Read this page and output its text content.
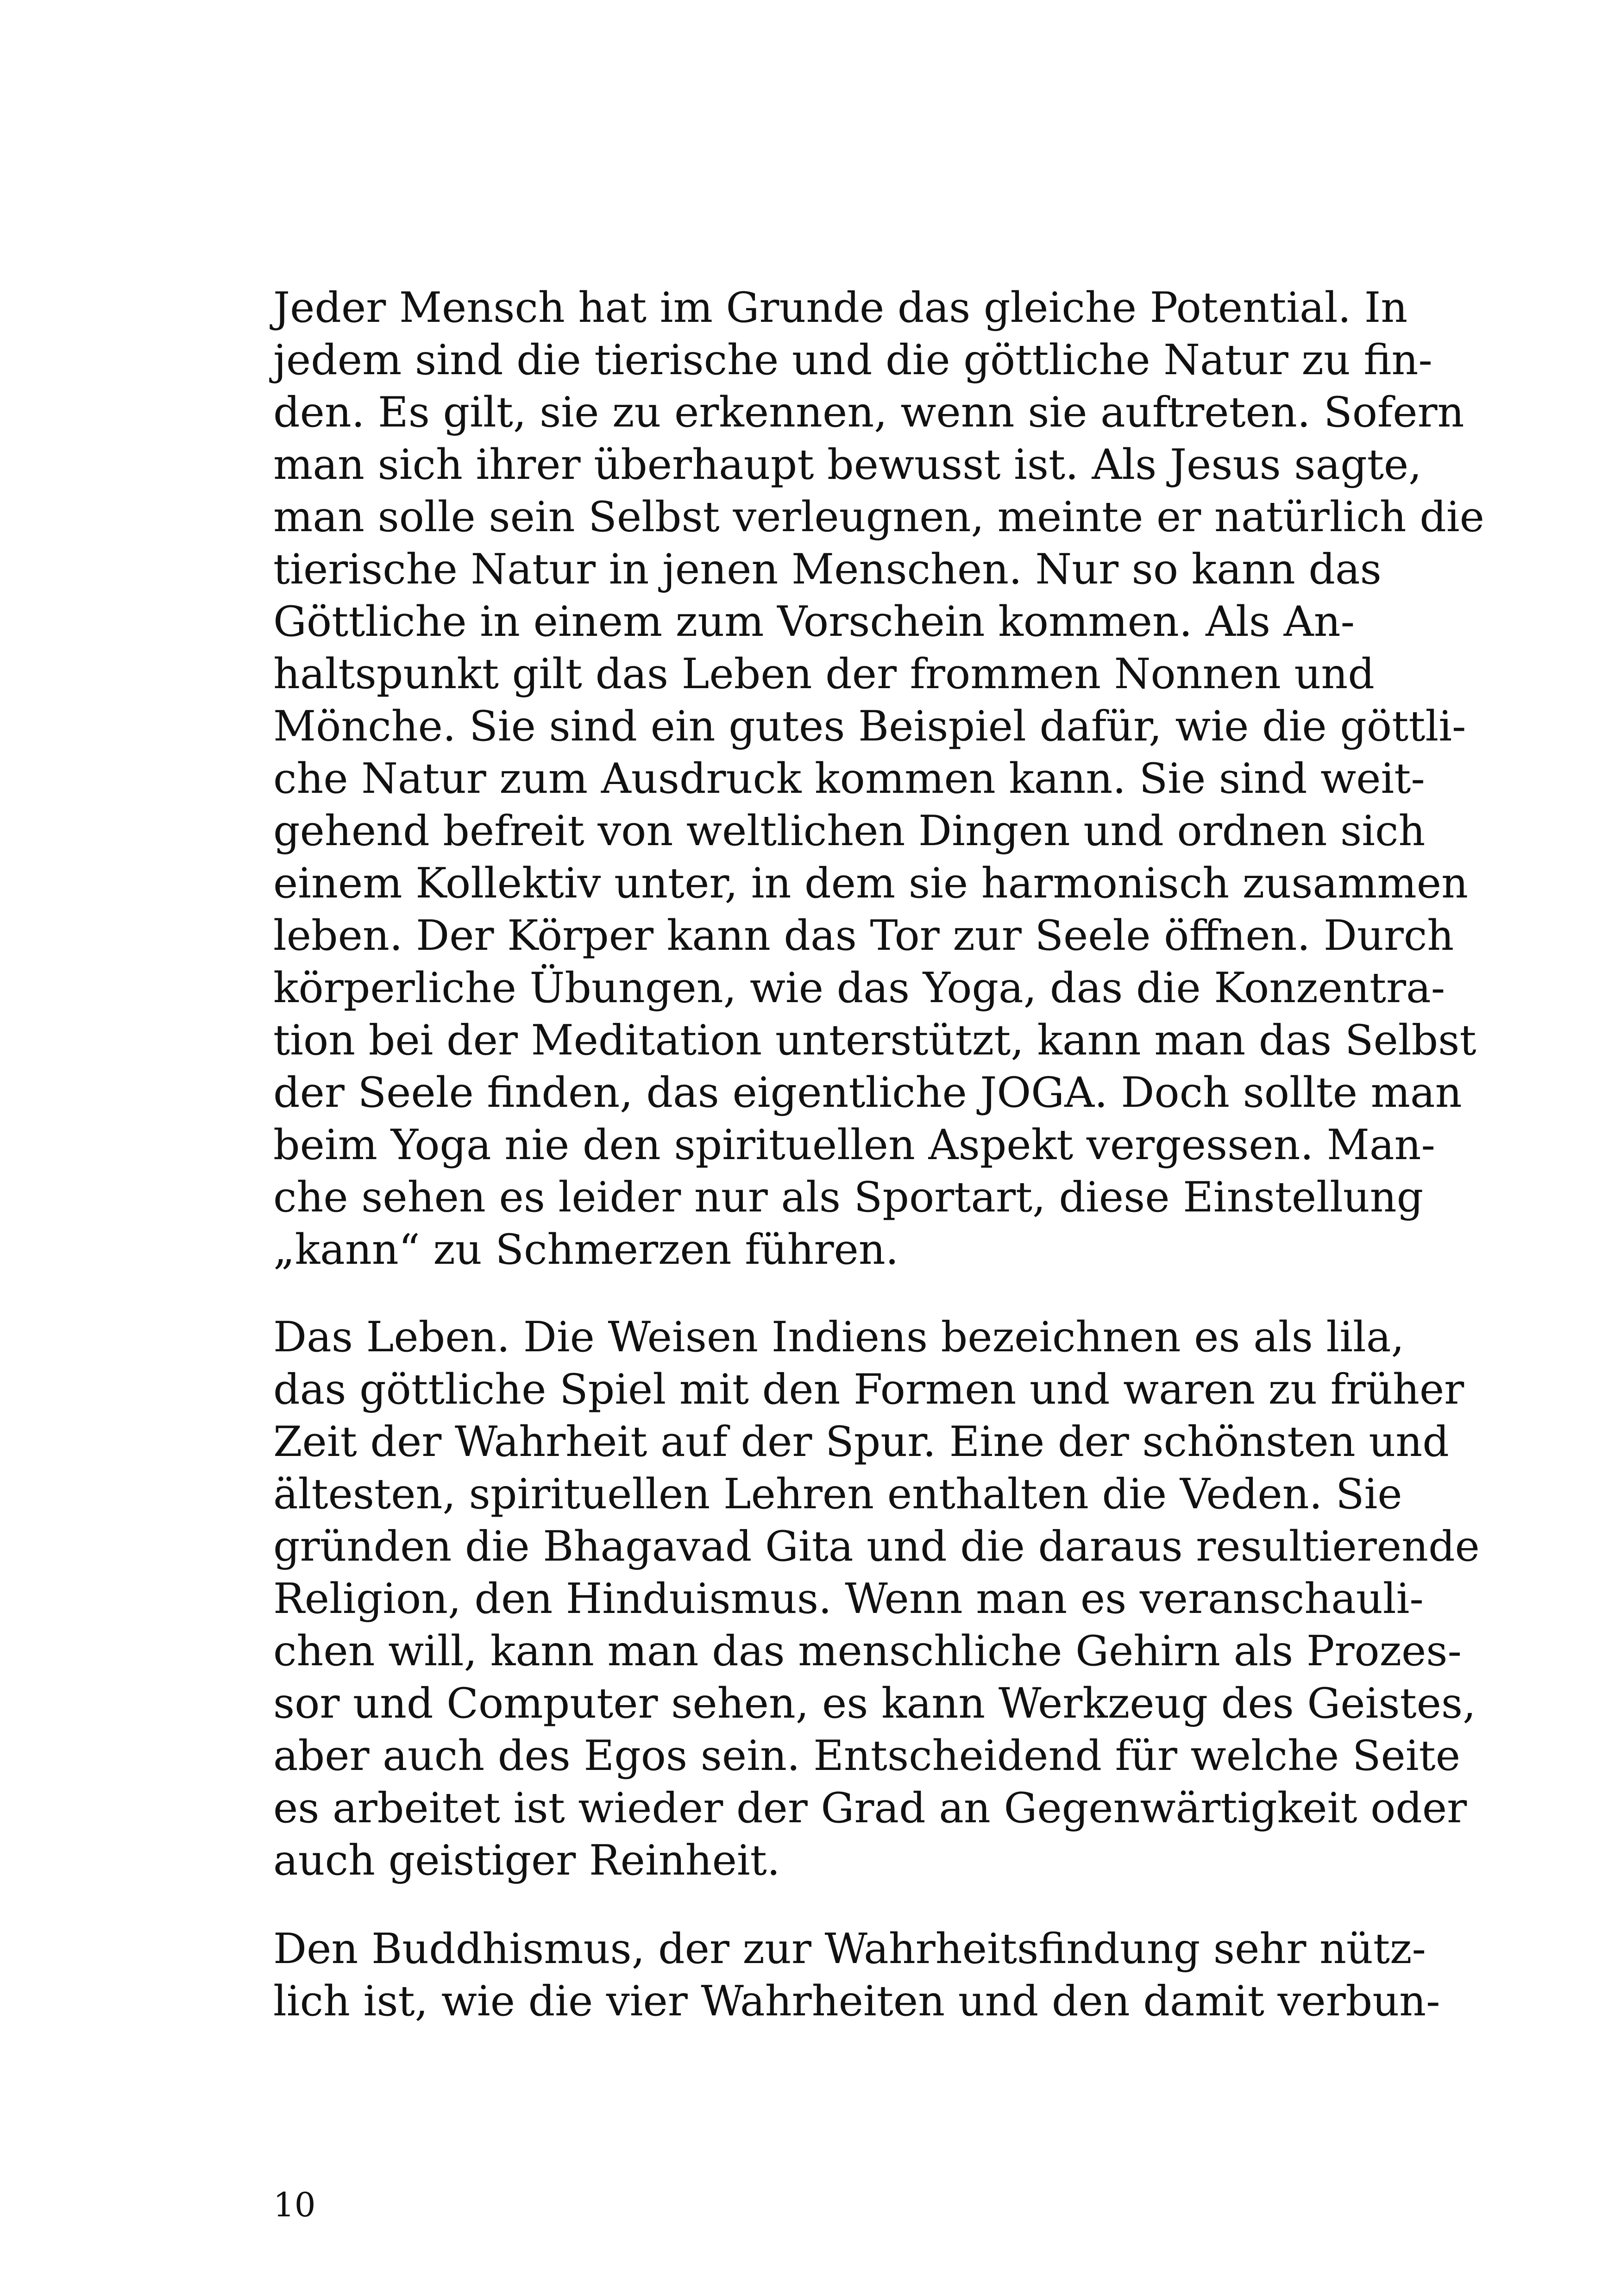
Jeder Mensch hat im Grunde das gleiche Potential. In
jedem sind die tierische und die göttliche Natur zu fin-
den. Es gilt, sie zu erkennen, wenn sie auftreten. Sofern
man sich ihrer überhaupt bewusst ist. Als Jesus sagte,
man solle sein Selbst verleugnen, meinte er natürlich die
tierische Natur in jenen Menschen. Nur so kann das
Göttliche in einem zum Vorschein kommen. Als An-
haltspunkt gilt das Leben der frommen Nonnen und
Mönche. Sie sind ein gutes Beispiel dafür, wie die göttli-
che Natur zum Ausdruck kommen kann. Sie sind weit-
gehend befreit von weltlichen Dingen und ordnen sich
einem Kollektiv unter, in dem sie harmonisch zusammen
leben. Der Körper kann das Tor zur Seele öffnen. Durch
körperliche Übungen, wie das Yoga, das die Konzentra-
tion bei der Meditation unterstützt, kann man das Selbst
der Seele finden, das eigentliche JOGA. Doch sollte man
beim Yoga nie den spirituellen Aspekt vergessen. Man-
che sehen es leider nur als Sportart, diese Einstellung
„kann“ zu Schmerzen führen.
Das Leben. Die Weisen Indiens bezeichnen es als lila,
das göttliche Spiel mit den Formen und waren zu früher
Zeit der Wahrheit auf der Spur. Eine der schönsten und
ältesten, spirituellen Lehren enthalten die Veden. Sie
gründen die Bhagavad Gita und die daraus resultierende
Religion, den Hinduismus. Wenn man es veranschauli-
chen will, kann man das menschliche Gehirn als Prozes-
sor und Computer sehen, es kann Werkzeug des Geistes,
aber auch des Egos sein. Entscheidend für welche Seite
es arbeitet ist wieder der Grad an Gegenwärtigkeit oder
auch geistiger Reinheit.
Den Buddhismus, der zur Wahrheitsfindung sehr nütz-
lich ist, wie die vier Wahrheiten und den damit verbun-
10
